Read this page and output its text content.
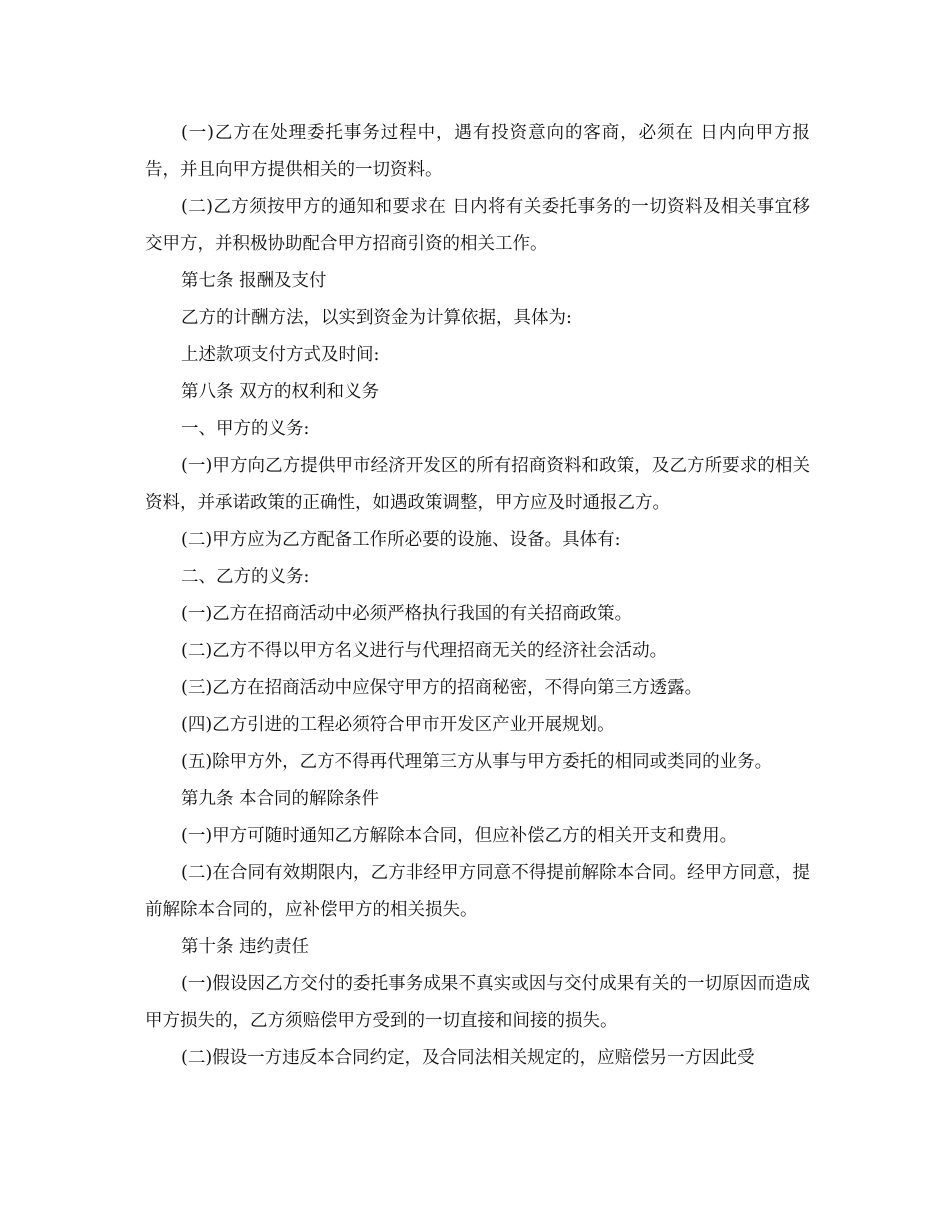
(一)乙方在处理委托事务过程中，遇有投资意向的客商，必须在 日内向甲方报告，并且向甲方提供相关的一切资料。

(二)乙方须按甲方的通知和要求在 日内将有关委托事务的一切资料及相关事宜移交甲方，并积极协助配合甲方招商引资的相关工作。

第七条 报酬及支付

乙方的计酬方法，以实到资金为计算依据，具体为:

上述款项支付方式及时间:

第八条 双方的权利和义务

一、甲方的义务:

(一)甲方向乙方提供甲市经济开发区的所有招商资料和政策，及乙方所要求的相关资料，并承诺政策的正确性，如遇政策调整，甲方应及时通报乙方。

(二)甲方应为乙方配备工作所必要的设施、设备。具体有:

二、乙方的义务:

(一)乙方在招商活动中必须严格执行我国的有关招商政策。

(二)乙方不得以甲方名义进行与代理招商无关的经济社会活动。

(三)乙方在招商活动中应保守甲方的招商秘密，不得向第三方透露。

(四)乙方引进的工程必须符合甲市开发区产业开展规划。

(五)除甲方外，乙方不得再代理第三方从事与甲方委托的相同或类同的业务。

第九条 本合同的解除条件

(一)甲方可随时通知乙方解除本合同，但应补偿乙方的相关开支和费用。

(二)在合同有效期限内，乙方非经甲方同意不得提前解除本合同。经甲方同意，提前解除本合同的，应补偿甲方的相关损失。

第十条 违约责任

(一)假设因乙方交付的委托事务成果不真实或因与交付成果有关的一切原因而造成甲方损失的，乙方须赔偿甲方受到的一切直接和间接的损失。

(二)假设一方违反本合同约定，及合同法相关规定的，应赔偿另一方因此受
